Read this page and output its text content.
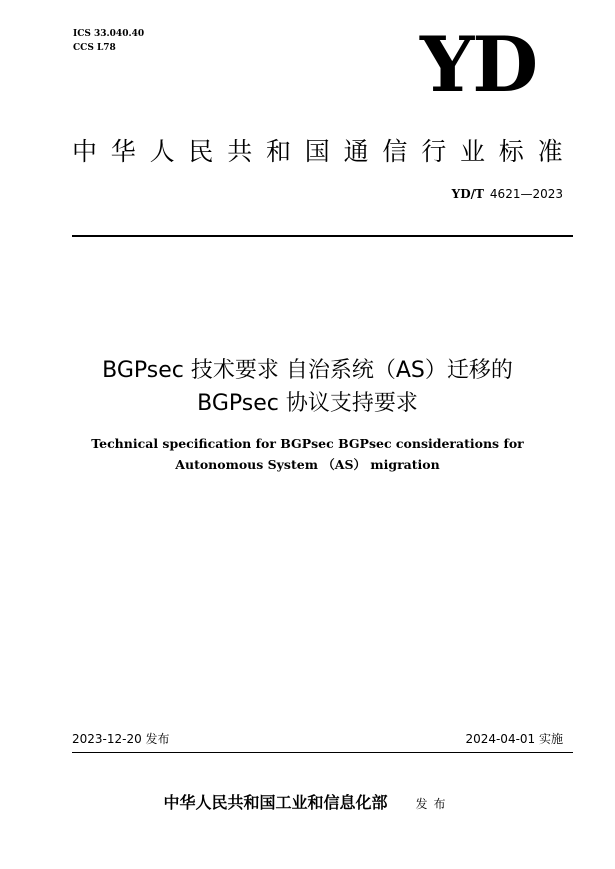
ICS 33.040.40
CCS L78	YD
中华人民共和国通信行业标准
YD/T 4621—2023
BGPsec 技术要求 自治系统（AS）迁移的
BGPsec 协议支持要求
Technical specification for BGPsec BGPsec considerations for
Autonomous System （AS） migration
2023-12-20 发布	2024-04-01 实施
中华人民共和国工业和信息化部 发布
